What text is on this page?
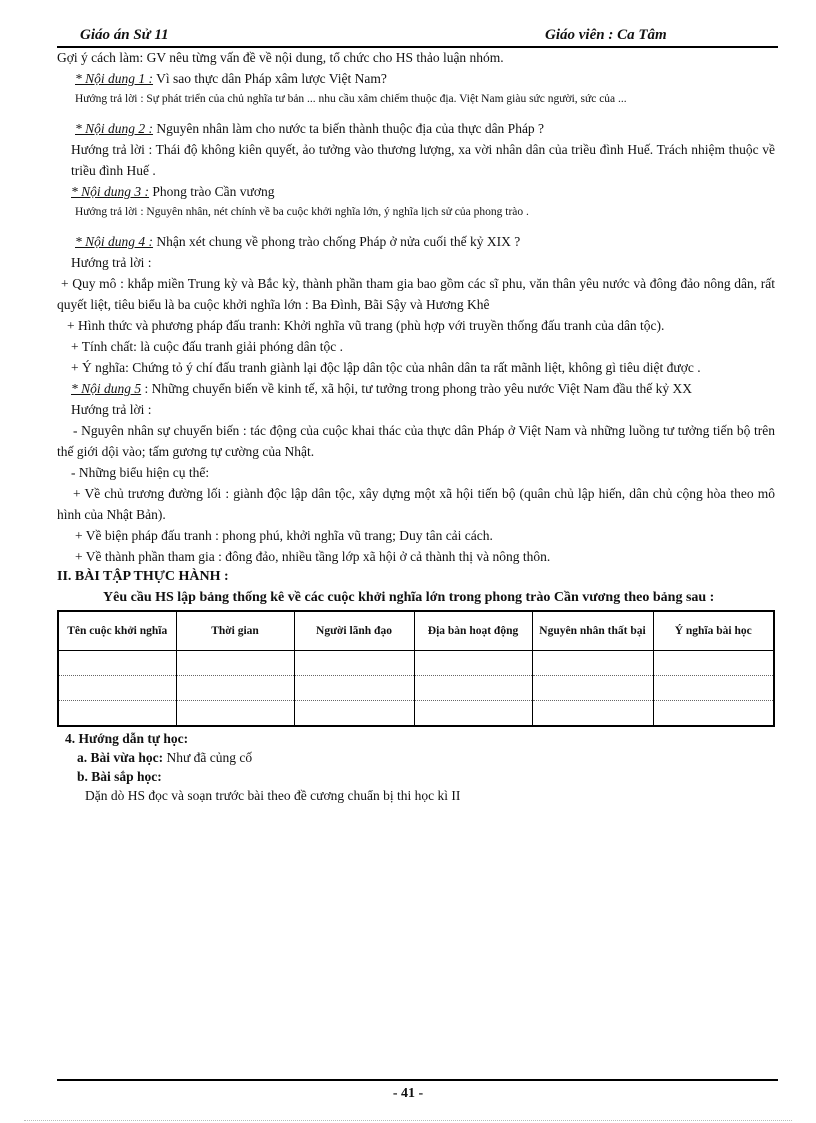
Giáo án Sử 11	Giáo viên : Ca Tâm
Gợi ý cách làm: GV nêu từng vấn đề về nội dung, tổ chức cho HS thảo luận nhóm.
* Nội dung 1 : Vì sao thực dân Pháp xâm lược Việt Nam?
Hướng trả lời : Sự phát triển của chủ nghĩa tư bản ... nhu cầu xâm chiếm thuộc địa. Việt Nam giàu sức người, sức của ...
* Nội dung 2 : Nguyên nhân làm cho nước ta biến thành thuộc địa của thực dân Pháp ?
Hướng trả lời : Thái độ không kiên quyết, ảo tưởng vào thương lượng, xa vời nhân dân của triều đình Huế. Trách nhiệm thuộc về triều đình Huế .
* Nội dung 3 : Phong trào Cần vương
Hướng trả lời : Nguyên nhân, nét chính về ba cuộc khởi nghĩa lớn, ý nghĩa lịch sử của phong trào .
* Nội dung 4 : Nhận xét chung về phong trào chống Pháp ở nửa cuối thế kỷ XIX ?
Hướng trả lời :
+ Quy mô : khắp miền Trung kỳ và Bắc kỳ, thành phần tham gia bao gồm các sĩ phu, văn thân yêu nước và đông đảo nông dân, rất quyết liệt, tiêu biểu là ba cuộc khởi nghĩa lớn : Ba Đình, Bãi Sậy và Hương Khê
+ Hình thức và phương pháp đấu tranh: Khởi nghĩa vũ trang (phù hợp với truyền thống đấu tranh của dân tộc).
+ Tính chất: là cuộc đấu tranh giải phóng dân tộc .
+ Ý nghĩa: Chứng tỏ ý chí đấu tranh giành lại độc lập dân tộc của nhân dân ta rất mãnh liệt, không gì tiêu diệt được .
* Nội dung 5 : Những chuyển biến về kinh tế, xã hội, tư tưởng trong phong trào yêu nước Việt Nam đầu thế kỷ XX
Hướng trả lời :
- Nguyên nhân sự chuyển biến : tác động của cuộc khai thác của thực dân Pháp ở Việt Nam và những luồng tư tưởng tiến bộ trên thế giới dội vào; tấm gương tự cường của Nhật.
- Những biểu hiện cụ thể:
+ Về chủ trương đường lối : giành độc lập dân tộc, xây dựng một xã hội tiến bộ (quân chủ lập hiến, dân chủ cộng hòa theo mô hình của Nhật Bản).
+ Về biện pháp đấu tranh : phong phú, khởi nghĩa vũ trang; Duy tân cải cách.
+ Về thành phần tham gia : đông đảo, nhiều tầng lớp xã hội ở cả thành thị và nông thôn.
II. BÀI TẬP THỰC HÀNH :
Yêu cầu HS lập bảng thống kê về các cuộc khởi nghĩa lớn trong phong trào Cần vương theo bảng sau :
Tên cuộc khởi nghĩa	Thời gian	Người lãnh đạo	Địa bàn hoạt động	Nguyên nhân thất bại	Ý nghĩa bài học

4. Hướng dẫn tự học:
a. Bài vừa học: Như đã củng cố
b. Bài sắp học:
Dặn dò HS đọc và soạn trước bài theo đề cương chuẩn bị thi học kì II
- 41 -
